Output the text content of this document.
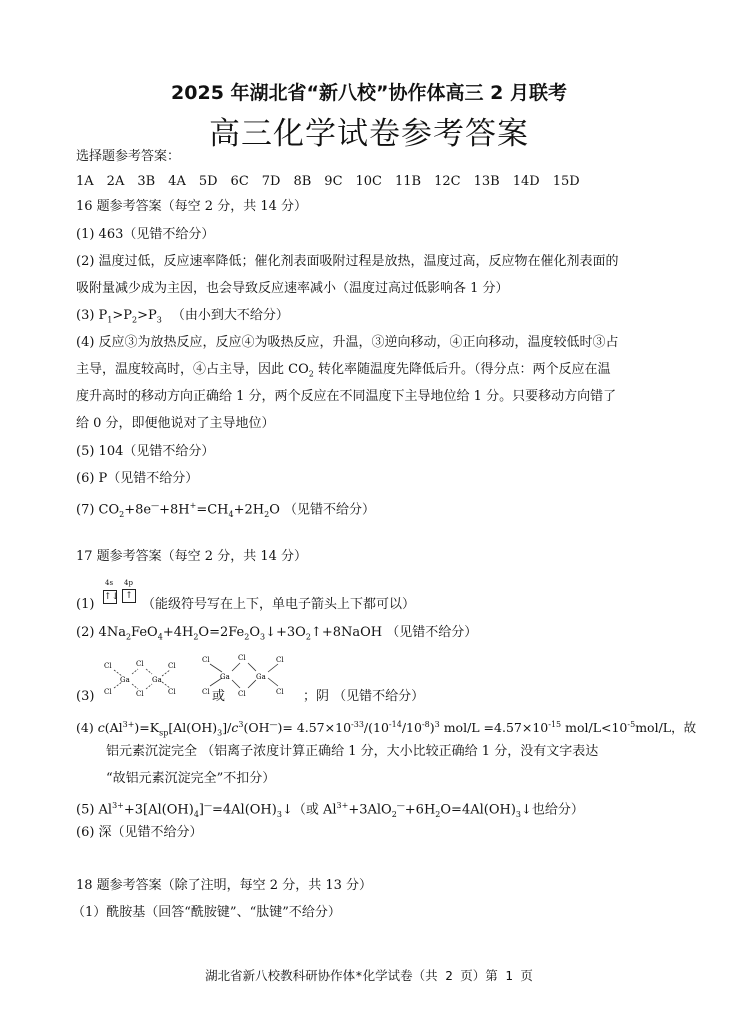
2025 年湖北省“新八校”协作体高三 2 月联考
高三化学试卷参考答案
选择题参考答案：
1A 2A 3B 4A 5D 6C 7D 8B 9C 10C 11B 12C 13B 14D 15D
16 题参考答案（每空 2 分，共 14 分）
(1) 463（见错不给分）
(2) 温度过低，反应速率降低；催化剂表面吸附过程是放热，温度过高，反应物在催化剂表面的
吸附量减少成为主因，也会导致反应速率减小（温度过高过低影响各 1 分）
(3) $P_1>P_2>P_3$ （由小到大不给分）
(4) 反应③为放热反应，反应④为吸热反应，升温，③逆向移动，④正向移动，温度较低时③占
主导，温度较高时，④占主导，因此 $CO_2$ 转化率随温度先降低后升。（得分点：两个反应在温
度升高时的移动方向正确给 1 分，两个反应在不同温度下主导地位给 1 分。只要移动方向错了
给 0 分，即便他说对了主导地位）
(5) 104（见错不给分）
(6) P（见错不给分）
(7) $CO_2+8e^—+8H^+=CH_4+2H_2O$ （见错不给分）
17 题参考答案（每空 2 分，共 14 分）
(1)
4s 4p
↑↓ ↑
（能级符号写在上下，单电子箭头上下都可以）
(2) $4Na_2FeO_4+4H_2O=2Fe_2O_3↓+3O_2↑+8NaOH$ （见错不给分）
(3)
Cl
Cl
Ga
Cl
Cl
Ga
Cl
Cl	或
Cl
Cl
Ga
Cl
Cl
Ga
Cl
Cl ；阴 （见错不给分）
(4) $c(Al^{3+})=K_{sp}[Al(OH)_3]/c^3(OH^—)= 4.57\times 10^{-33}/(10^{-14}/10^{-8})^3$ $mol/L =4.57\times 10^{-15}$ mol/$L<10^{-5}mol/L$，故
铝元素沉淀完全 （铝离子浓度计算正确给 1 分，大小比较正确给 1 分，没有文字表达
“故铝元素沉淀完全”不扣分）
(5) $Al^{3+}+3[Al(OH)_4]^—=4Al(OH)_3↓$（或 $Al^{3+}+3AlO_2^—+6H_2O=4Al(OH)_3↓$也给分）
(6) 深（见错不给分）
18 题参考答案（除了注明，每空 2 分，共 13 分）
（1）酰胺基（回答“酰胺键”、“肽键”不给分）
湖北省新八校教科研协作体*化学试卷（共 2 页）第 1 页
